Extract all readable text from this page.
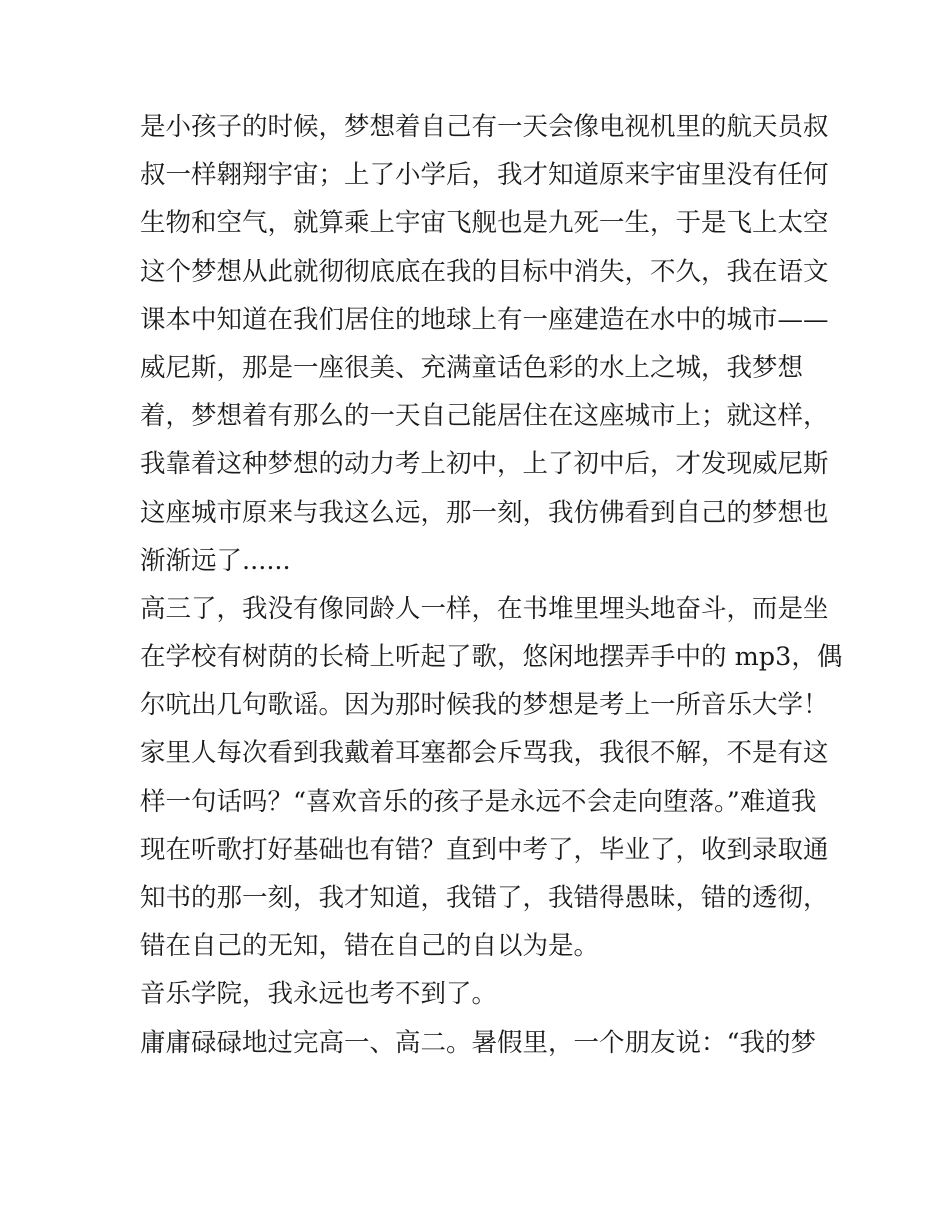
是小孩子的时候，梦想着自己有一天会像电视机里的航天员叔
叔一样翱翔宇宙；上了小学后，我才知道原来宇宙里没有任何
生物和空气，就算乘上宇宙飞舰也是九死一生，于是飞上太空
这个梦想从此就彻彻底底在我的目标中消失，不久，我在语文
课本中知道在我们居住的地球上有一座建造在水中的城市——
威尼斯，那是一座很美、充满童话色彩的水上之城，我梦想
着，梦想着有那么的一天自己能居住在这座城市上；就这样，
我靠着这种梦想的动力考上初中，上了初中后，才发现威尼斯
这座城市原来与我这么远，那一刻，我仿佛看到自己的梦想也
渐渐远了......
高三了，我没有像同龄人一样，在书堆里埋头地奋斗，而是坐
在学校有树荫的长椅上听起了歌，悠闲地摆弄手中的 mp3，偶
尔吭出几句歌谣。因为那时候我的梦想是考上一所音乐大学！
家里人每次看到我戴着耳塞都会斥骂我，我很不解，不是有这
样一句话吗？“喜欢音乐的孩子是永远不会走向堕落。”难道我
现在听歌打好基础也有错？直到中考了，毕业了，收到录取通
知书的那一刻，我才知道，我错了，我错得愚昧，错的透彻，
错在自己的无知，错在自己的自以为是。
音乐学院，我永远也考不到了。
庸庸碌碌地过完高一、高二。暑假里，一个朋友说：“我的梦
